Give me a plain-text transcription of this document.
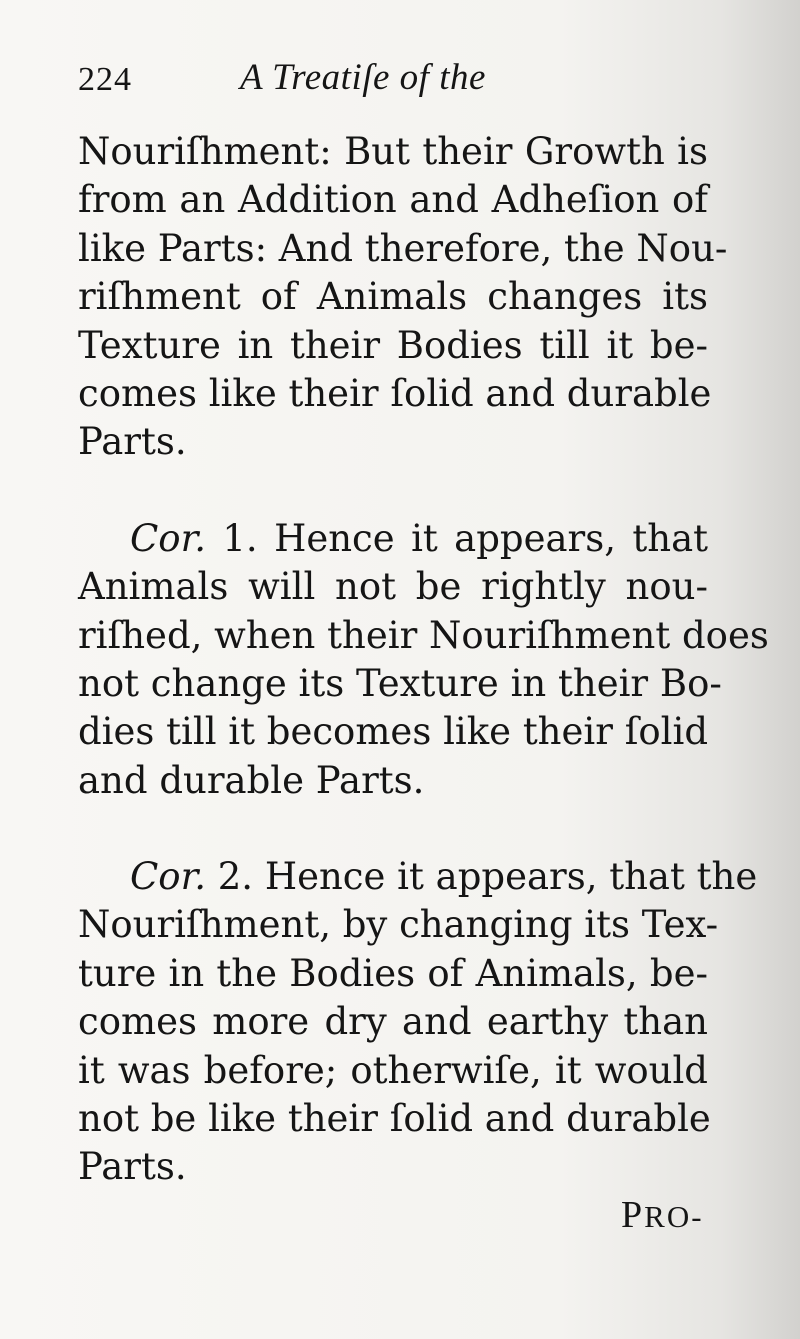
224	A Treatiſe of the
Nouriſhment: But their Growth is
from an Addition and Adheſion of
like Parts: And therefore, the Nou-
riſhment of Animals changes its
Texture in their Bodies till it be-
comes like their ſolid and durable
Parts.
Cor. 1. Hence it appears, that
Animals will not be rightly nou-
riſhed, when their Nouriſhment does
not change its Texture in their Bo-
dies till it becomes like their ſolid
and durable Parts.
Cor. 2. Hence it appears, that the
Nouriſhment, by changing its Tex-
ture in the Bodies of Animals, be-
comes more dry and earthy than
it was before; otherwiſe, it would
not be like their ſolid and durable
Parts.
PRO-
